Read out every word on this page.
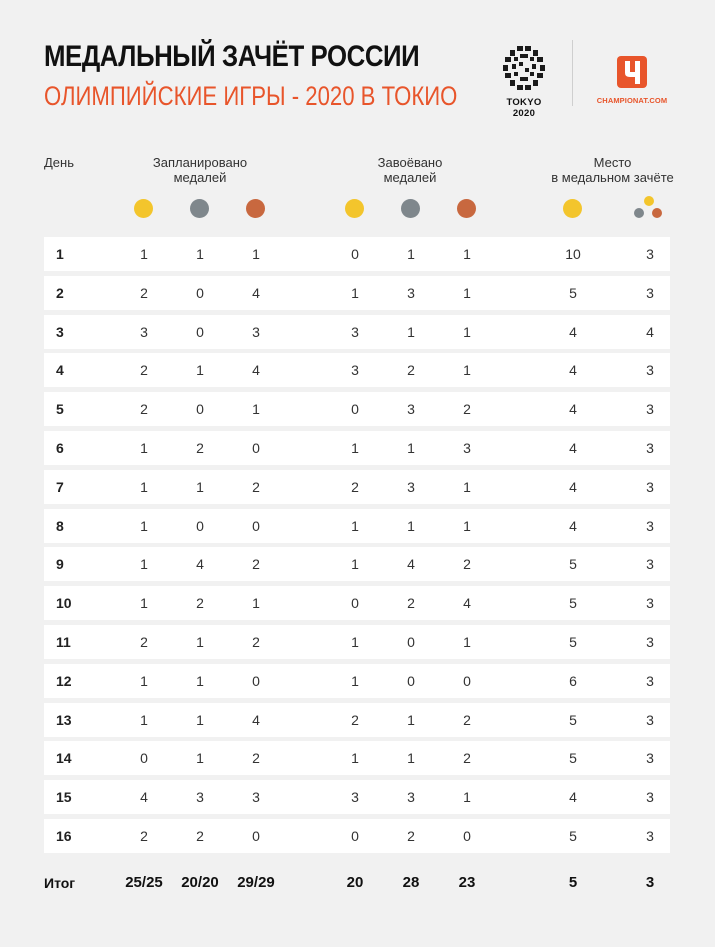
МЕДАЛЬНЫЙ ЗАЧЁТ РОССИИ
ОЛИМПИЙСКИЕ ИГРЫ - 2020 В ТОКИО	TOKYO 2020
CHAMPIONAT.COM
День	Запланировано
медалей
Завоёвано
медалей
Место
в медальном зачёте
1	1	1	1	0	1	1	10	3
2	2	0	4	1	3	1	5	3
3	3	0	3	3	1	1	4	4
4	2	1	4	3	2	1	4	3
5	2	0	1	0	3	2	4	3
6	1	2	0	1	1	3	4	3
7	1	1	2	2	3	1	4	3
8	1	0	0	1	1	1	4	3
9	1	4	2	1	4	2	5	3
10	1	2	1	0	2	4	5	3
11	2	1	2	1	0	1	5	3
12	1	1	0	1	0	0	6	3
13	1	1	4	2	1	2	5	3
14	0	1	2	1	1	2	5	3
15	4	3	3	3	3	1	4	3
16	2	2	0	0	2	0	5	3
Итог	25/25	20/20	29/29	20	28	23	5	3
